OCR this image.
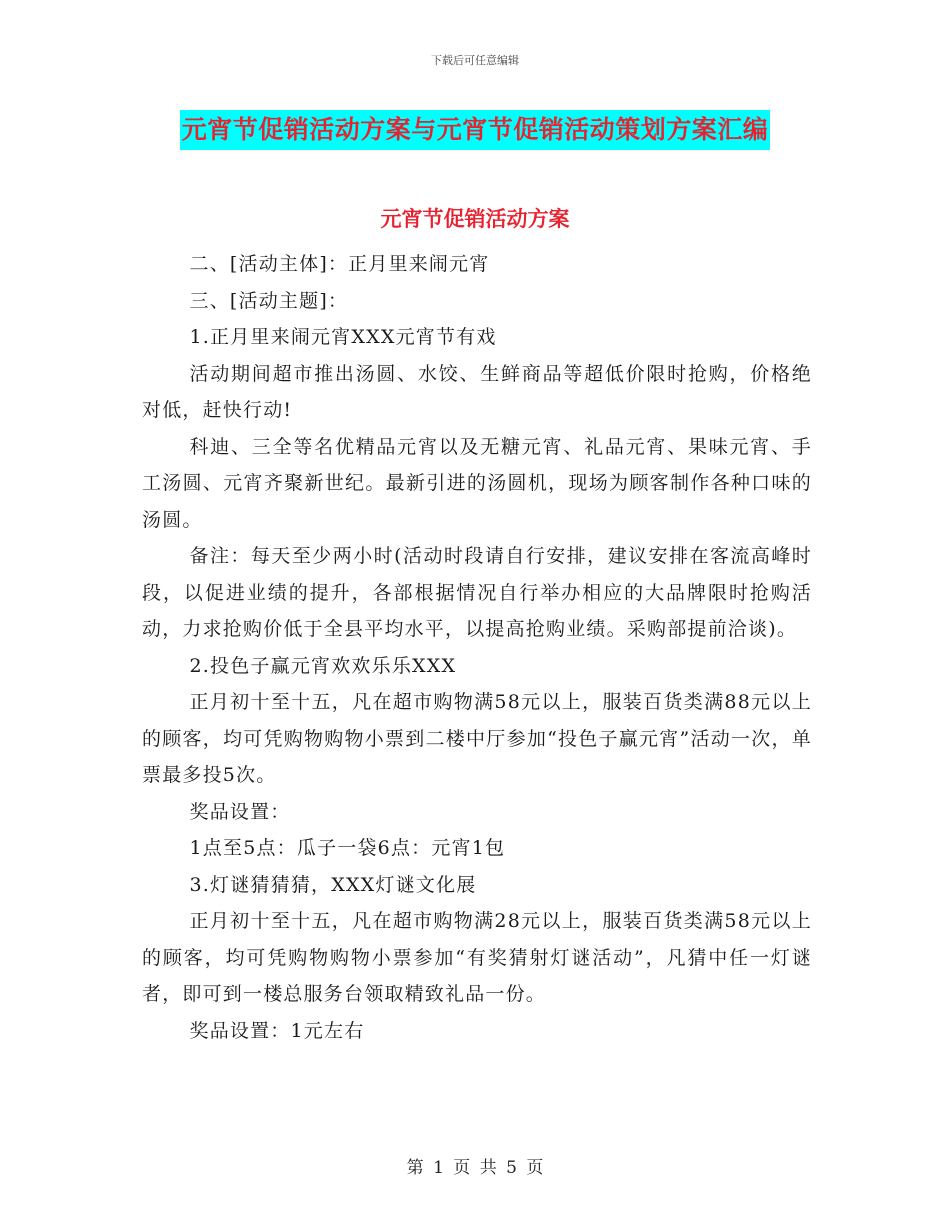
下载后可任意编辑
元宵节促销活动方案与元宵节促销活动策划方案汇编
元宵节促销活动方案

二、[活动主体]：正月里来闹元宵

三、[活动主题]：

1.正月里来闹元宵XXX元宵节有戏

活动期间超市推出汤圆、水饺、生鲜商品等超低价限时抢购，价格绝对低，赶快行动!

科迪、三全等名优精品元宵以及无糖元宵、礼品元宵、果味元宵、手工汤圆、元宵齐聚新世纪。最新引进的汤圆机，现场为顾客制作各种口味的汤圆。

备注：每天至少两小时(活动时段请自行安排，建议安排在客流高峰时段，以促进业绩的提升，各部根据情况自行举办相应的大品牌限时抢购活动，力求抢购价低于全县平均水平，以提高抢购业绩。采购部提前洽谈)。

2.投色子赢元宵欢欢乐乐XXX

正月初十至十五，凡在超市购物满58元以上，服装百货类满88元以上的顾客，均可凭购物购物小票到二楼中厅参加“投色子赢元宵”活动一次，单票最多投5次。

奖品设置：

1点至5点：瓜子一袋6点：元宵1包

3.灯谜猜猜猜，XXX灯谜文化展

正月初十至十五，凡在超市购物满28元以上，服装百货类满58元以上的顾客，均可凭购物购物小票参加“有奖猜射灯谜活动”，凡猜中任一灯谜者，即可到一楼总服务台领取精致礼品一份。

奖品设置：1元左右

第 1 页 共 5 页
